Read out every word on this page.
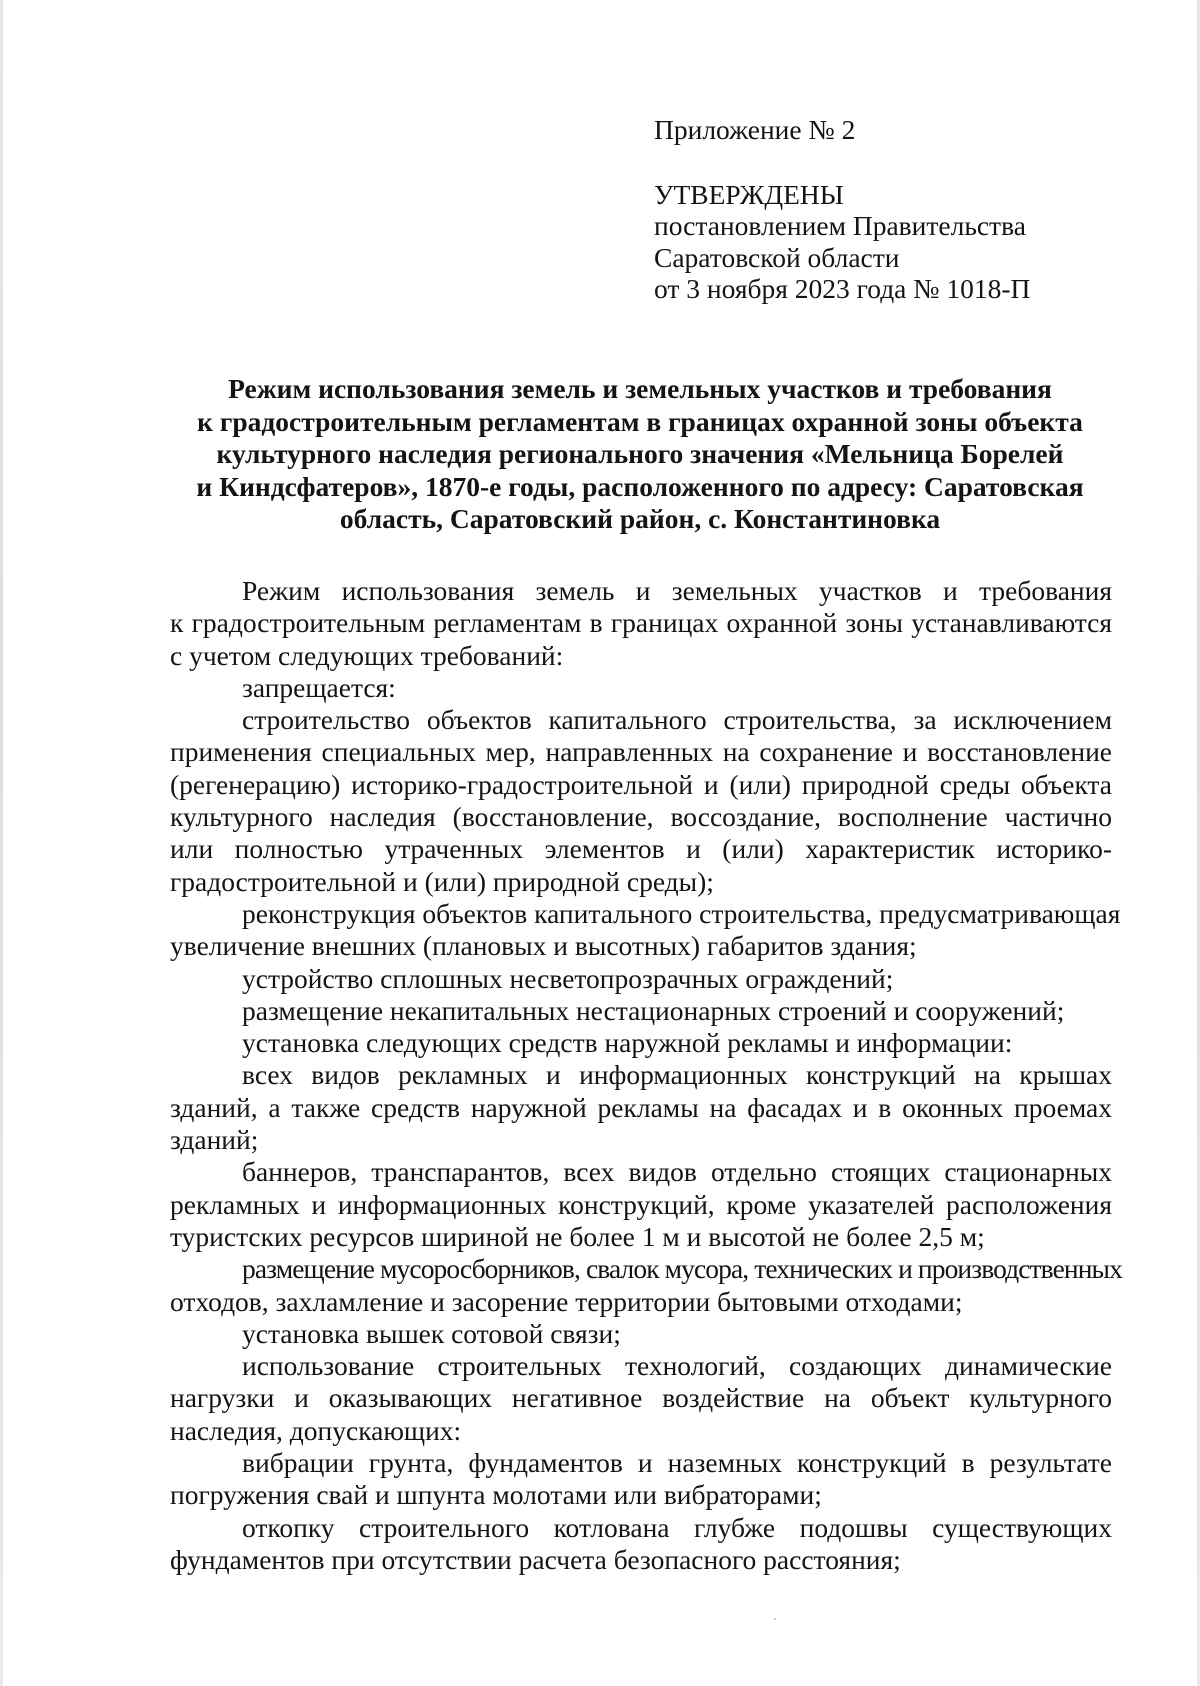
Приложение № 2
УТВЕРЖДЕНЫ
постановлением Правительства
Саратовской области
от 3 ноября 2023 года № 1018-П
Режим использования земель и земельных участков и требования
к градостроительным регламентам в границах охранной зоны объекта
культурного наследия регионального значения «Мельница Борелей
и Киндсфатеров», 1870-е годы, расположенного по адресу: Саратовская
область, Саратовский район, с. Константиновка
Режим использования земель и земельных участков и требования
к градостроительным регламентам в границах охранной зоны устанавливаются
с учетом следующих требований:
запрещается:
строительство объектов капитального строительства, за исключением
применения специальных мер, направленных на сохранение и восстановление
(регенерацию) историко-градостроительной и (или) природной среды объекта
культурного наследия (восстановление, воссоздание, восполнение частично
или полностью утраченных элементов и (или) характеристик историко-
градостроительной и (или) природной среды);
реконструкция объектов капитального строительства, предусматривающая
увеличение внешних (плановых и высотных) габаритов здания;
устройство сплошных несветопрозрачных ограждений;
размещение некапитальных нестационарных строений и сооружений;
установка следующих средств наружной рекламы и информации:
всех видов рекламных и информационных конструкций на крышах
зданий, а также средств наружной рекламы на фасадах и в оконных проемах
зданий;
баннеров, транспарантов, всех видов отдельно стоящих стационарных
рекламных и информационных конструкций, кроме указателей расположения
туристских ресурсов шириной не более 1 м и высотой не более 2,5 м;
размещение мусоросборников, свалок мусора, технических и производственных
отходов, захламление и засорение территории бытовыми отходами;
установка вышек сотовой связи;
использование строительных технологий, создающих динамические
нагрузки и оказывающих негативное воздействие на объект культурного
наследия, допускающих:
вибрации грунта, фундаментов и наземных конструкций в результате
погружения свай и шпунта молотами или вибраторами;
откопку строительного котлована глубже подошвы существующих
фундаментов при отсутствии расчета безопасного расстояния;
